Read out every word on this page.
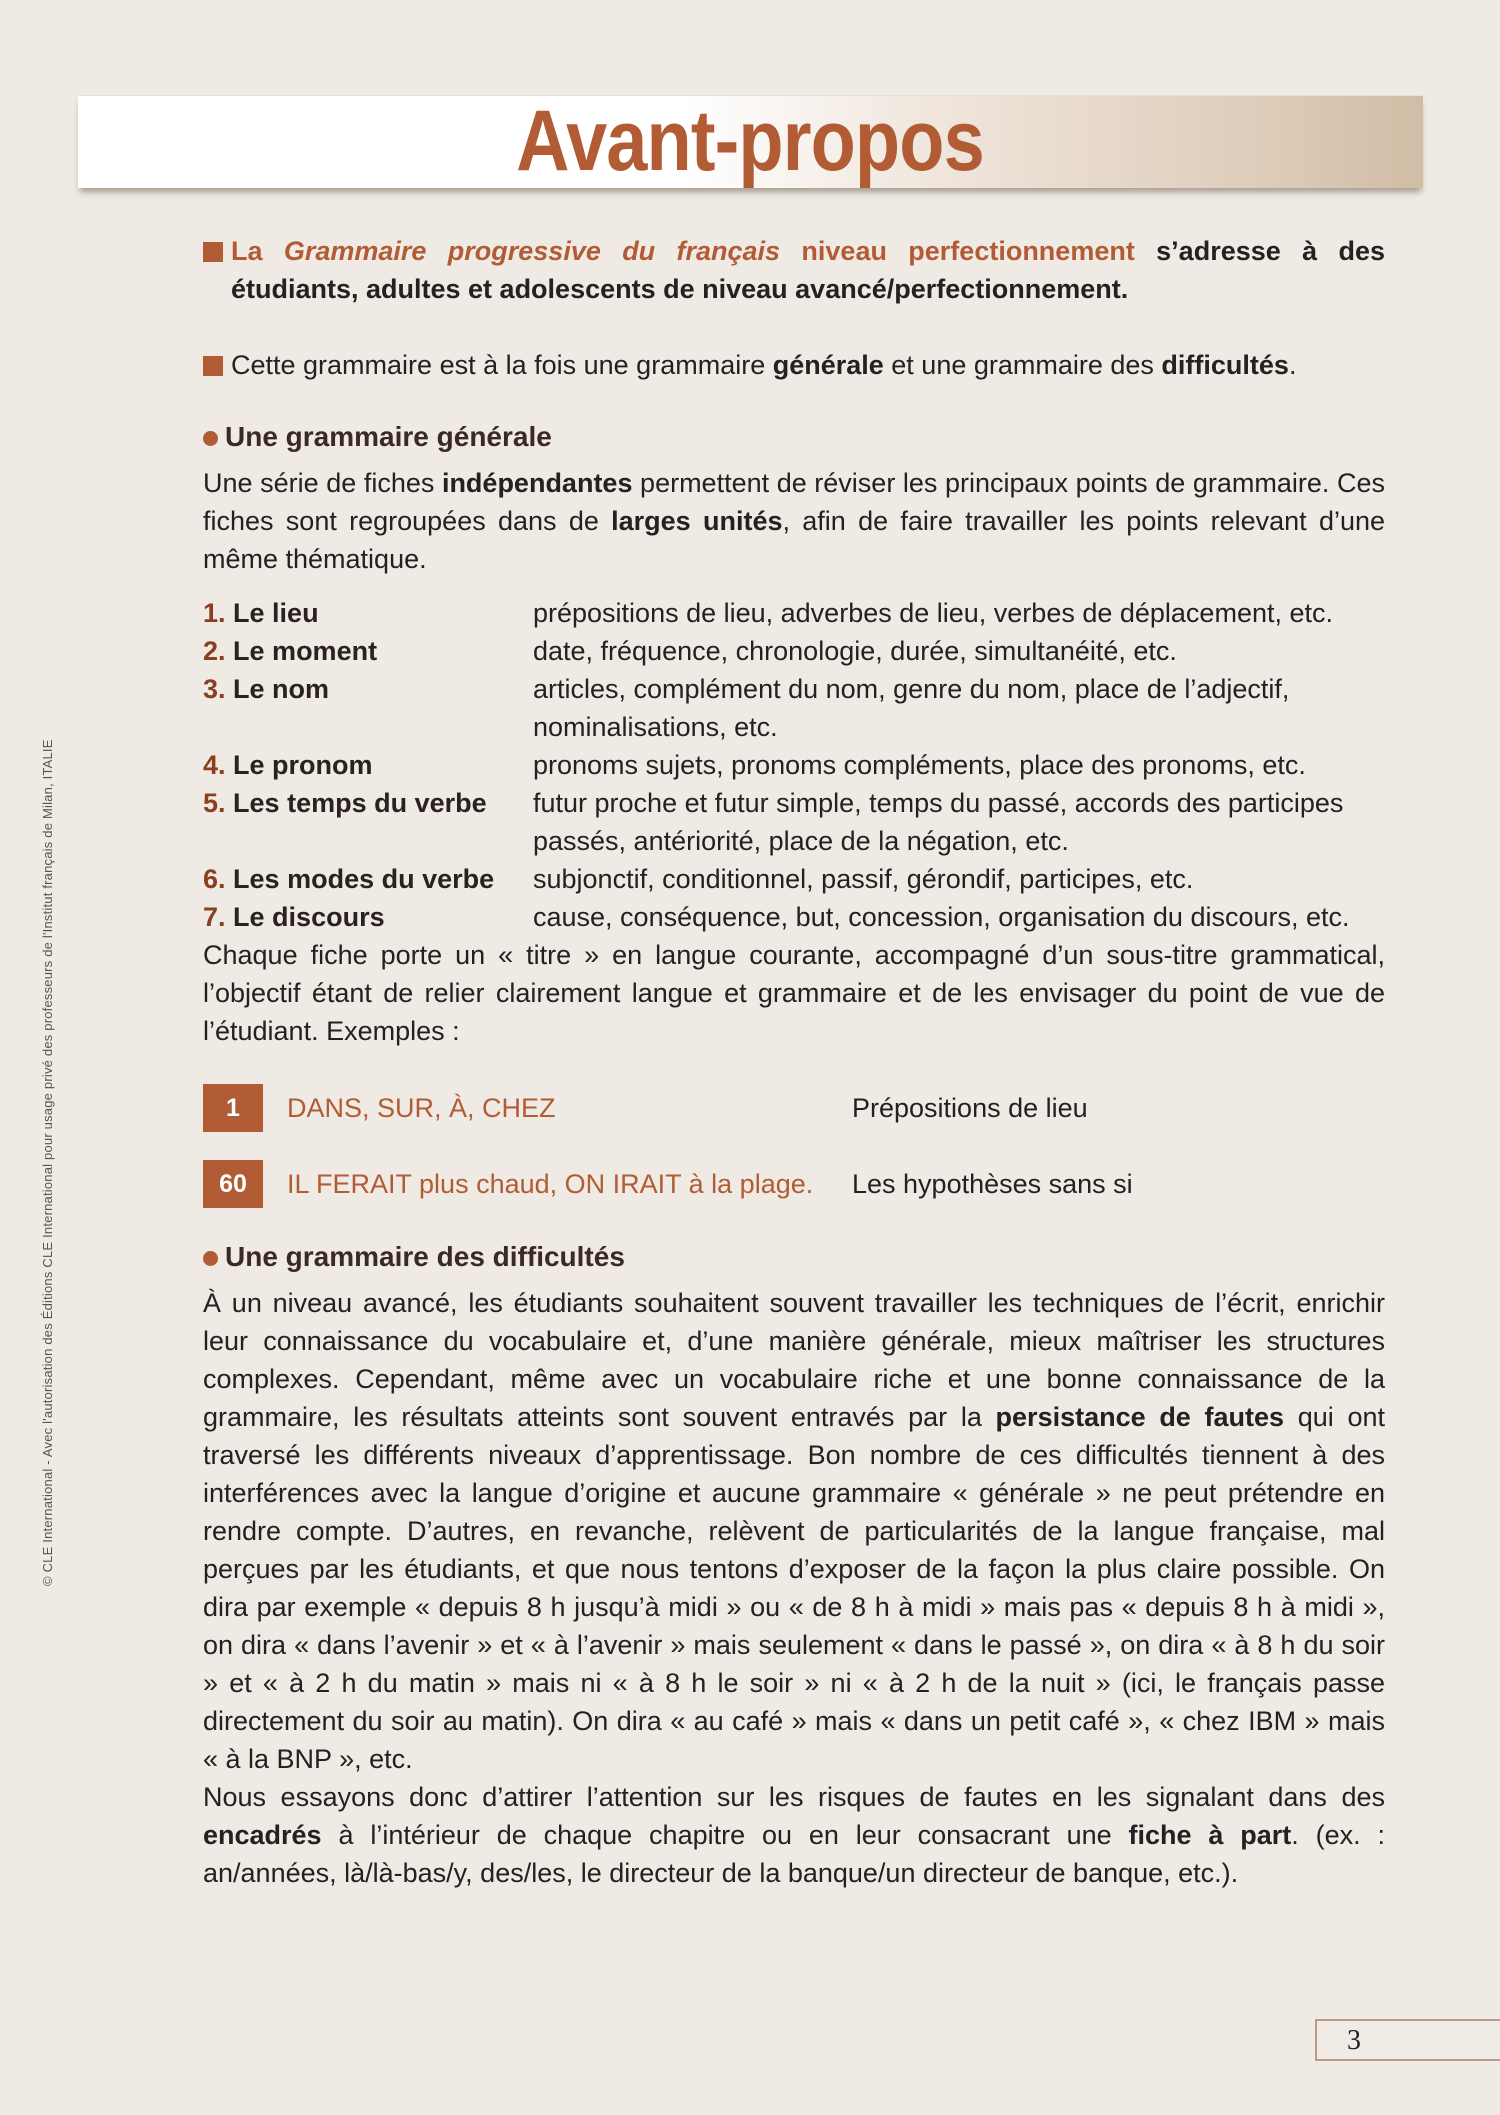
Avant-propos
© CLE International - Avec l'autorisation des Éditions CLE International pour usage privé des professeurs de l'Institut français de Milan, ITALIE

La Grammaire progressive du français niveau perfectionnement s’adresse à des étudiants, adultes et adolescents de niveau avancé/perfectionnement.

Cette grammaire est à la fois une grammaire générale et une grammaire des difficultés.

Une grammaire générale

Une série de fiches indépendantes permettent de réviser les principaux points de grammaire. Ces fiches sont regroupées dans de larges unités, afin de faire travailler les points relevant d’une même thématique.

1. Le lieu	prépositions de lieu, adverbes de lieu, verbes de déplacement, etc.
2. Le moment	date, fréquence, chronologie, durée, simultanéité, etc.
3. Le nom	articles, complément du nom, genre du nom, place de l’adjectif, nominalisations, etc.
4. Le pronom	pronoms sujets, pronoms compléments, place des pronoms, etc.
5. Les temps du verbe	futur proche et futur simple, temps du passé, accords des participes passés, antériorité, place de la négation, etc.
6. Les modes du verbe	subjonctif, conditionnel, passif, gérondif, participes, etc.
7. Le discours	cause, conséquence, but, concession, organisation du discours, etc.

Chaque fiche porte un « titre » en langue courante, accompagné d’un sous-titre grammatical, l’objectif étant de relier clairement langue et grammaire et de les envisager du point de vue de l’étudiant. Exemples :

1	DANS, SUR, À, CHEZ	Prépositions de lieu
60	IL FERAIT plus chaud, ON IRAIT à la plage.	Les hypothèses sans si
Une grammaire des difficultés

À un niveau avancé, les étudiants souhaitent souvent travailler les techniques de l’écrit, enrichir leur connaissance du vocabulaire et, d’une manière générale, mieux maîtriser les structures complexes. Cependant, même avec un vocabulaire riche et une bonne connaissance de la grammaire, les résultats atteints sont souvent entravés par la persistance de fautes qui ont traversé les différents niveaux d’apprentissage. Bon nombre de ces difficultés tiennent à des interférences avec la langue d’origine et aucune grammaire « générale » ne peut prétendre en rendre compte. D’autres, en revanche, relèvent de particularités de la langue française, mal perçues par les étudiants, et que nous tentons d’exposer de la façon la plus claire possible. On dira par exemple « depuis 8 h jusqu’à midi » ou « de 8 h à midi » mais pas « depuis 8 h à midi », on dira « dans l’avenir » et « à l’avenir » mais seulement « dans le passé », on dira « à 8 h du soir » et « à 2 h du matin » mais ni « à 8 h le soir » ni « à 2 h de la nuit » (ici, le français passe directement du soir au matin). On dira « au café » mais « dans un petit café », « chez IBM » mais « à la BNP », etc.

Nous essayons donc d’attirer l’attention sur les risques de fautes en les signalant dans des encadrés à l’intérieur de chaque chapitre ou en leur consacrant une fiche à part. (ex. : an/années, là/là-bas/y, des/les, le directeur de la banque/un directeur de banque, etc.).

3
